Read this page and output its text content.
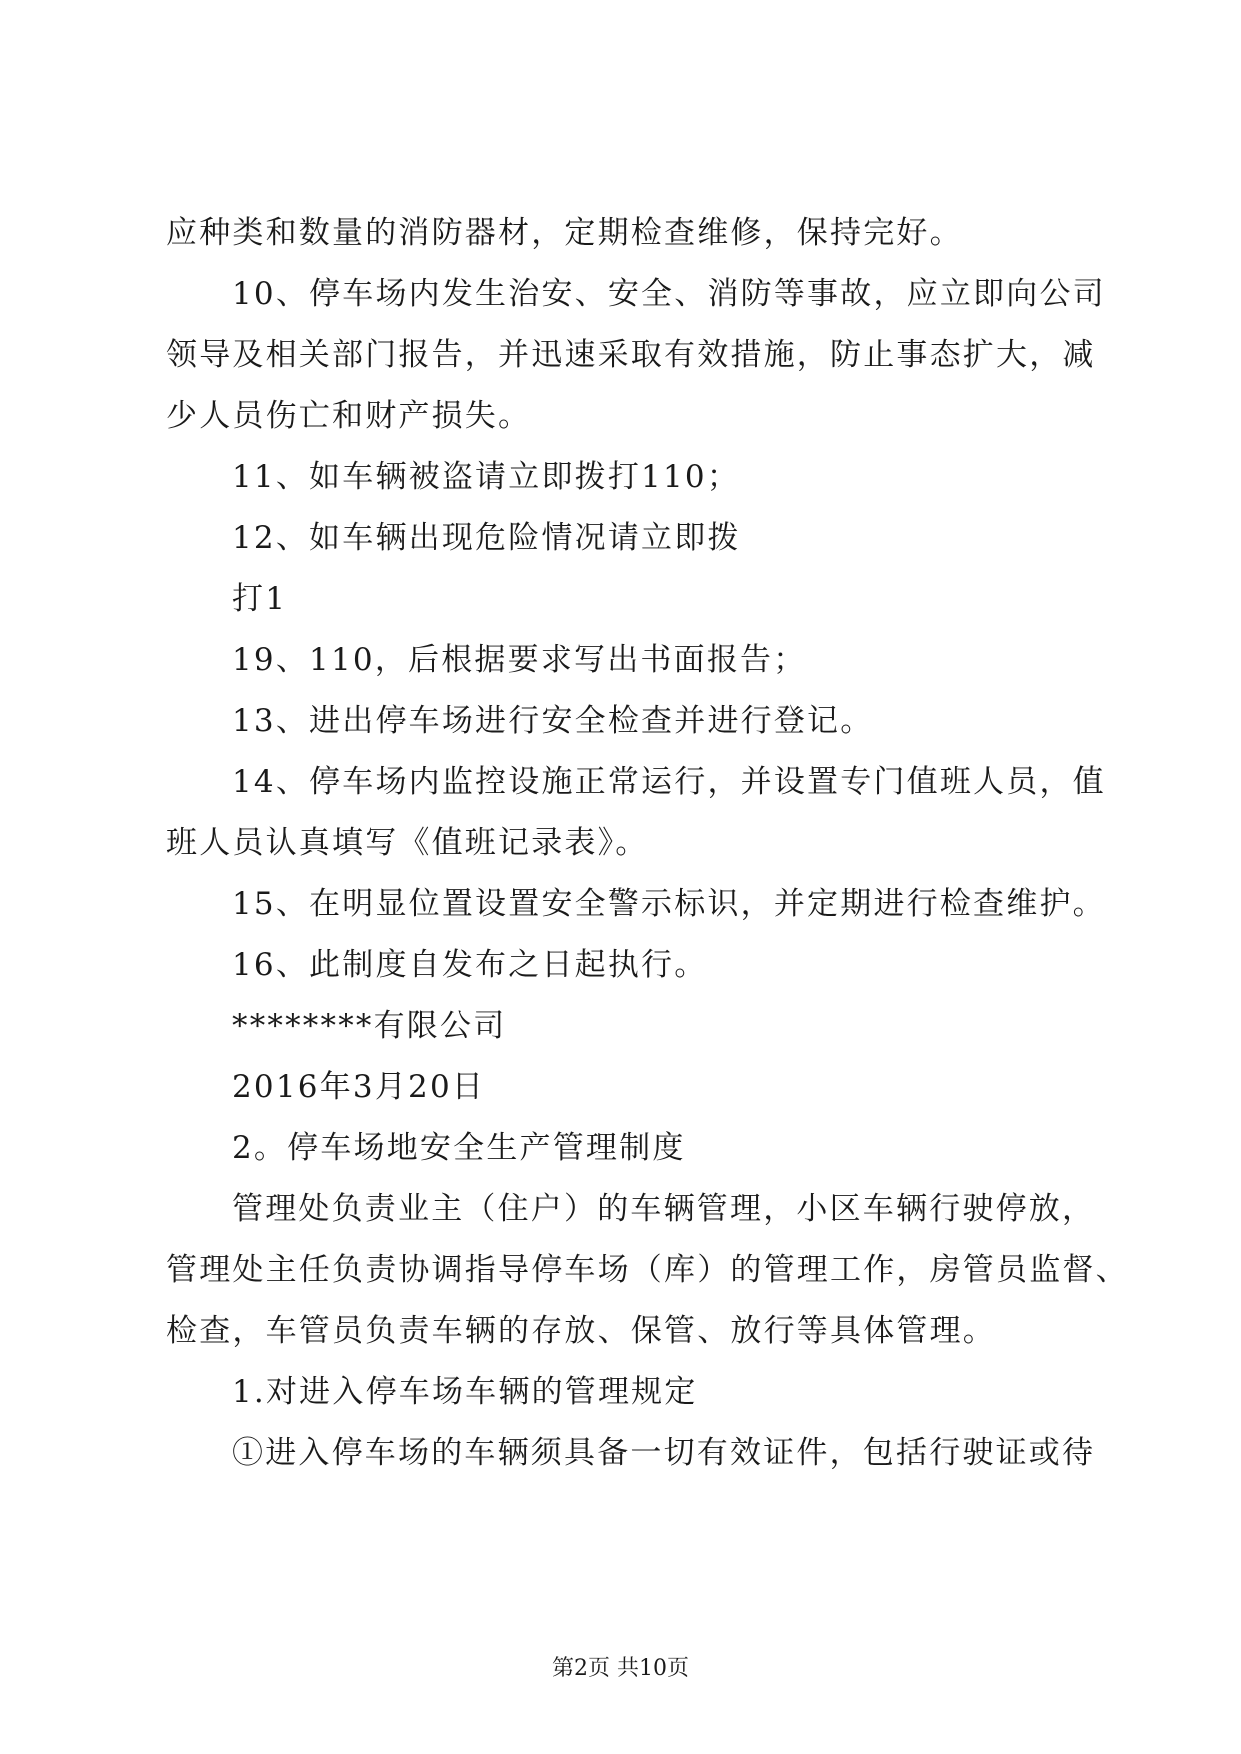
应种类和数量的消防器材，定期检查维修，保持完好。
10、停车场内发生治安、安全、消防等事故，应立即向公司
领导及相关部门报告，并迅速采取有效措施，防止事态扩大，减
少人员伤亡和财产损失。
11、如车辆被盗请立即拨打110；
12、如车辆出现危险情况请立即拨
打1
19、110，后根据要求写出书面报告；
13、进出停车场进行安全检查并进行登记。
14、停车场内监控设施正常运行，并设置专门值班人员，值
班人员认真填写《值班记录表》。
15、在明显位置设置安全警示标识，并定期进行检查维护。
16、此制度自发布之日起执行。
********有限公司
2016年3月20日
2。停车场地安全生产管理制度
管理处负责业主（住户）的车辆管理，小区车辆行驶停放，
管理处主任负责协调指导停车场（库）的管理工作，房管员监督、
检查，车管员负责车辆的存放、保管、放行等具体管理。
1.对进入停车场车辆的管理规定
①进入停车场的车辆须具备一切有效证件，包括行驶证或待
第2页 共10页
